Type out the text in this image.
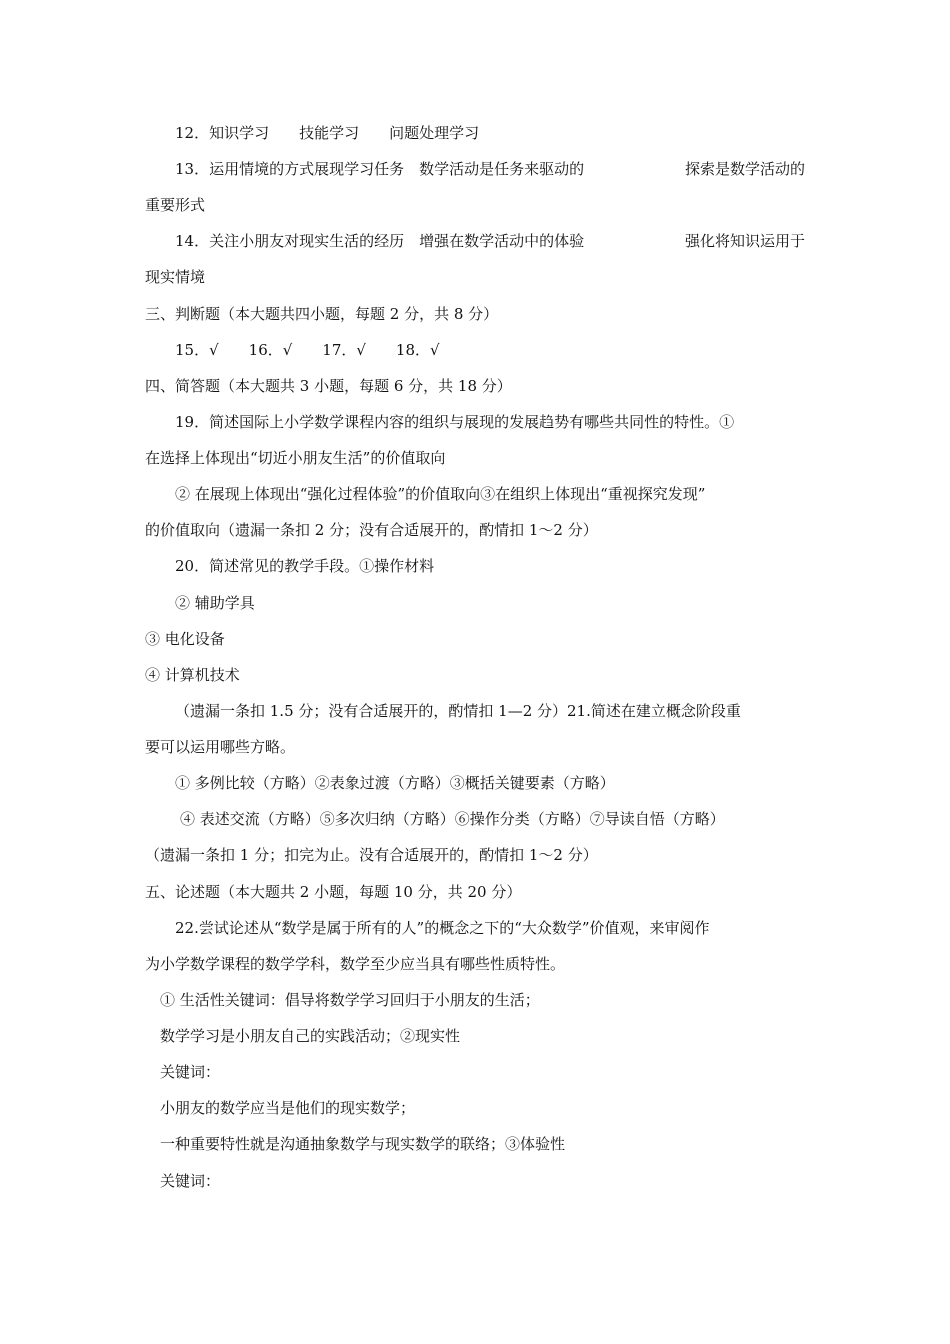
12．知识学习　　技能学习　　问题处理学习
13．运用情境的方式展现学习任务　数学活动是任务来驱动的	探索是数学活动的
重要形式
14．关注小朋友对现实生活的经历　增强在数学活动中的体验	强化将知识运用于
现实情境
三、判断题（本大题共四小题，每题 2 分，共 8 分）
15．√　　16．√　　17．√　　18．√
四、简答题（本大题共 3 小题，每题 6 分，共 18 分）
19．简述国际上小学数学课程内容的组织与展现的发展趋势有哪些共同性的特性。①
在选择上体现出“切近小朋友生活”的价值取向
② 在展现上体现出“强化过程体验”的价值取向③在组织上体现出“重视探究发现”
的价值取向（遗漏一条扣 2 分；没有合适展开的，酌情扣 1～2 分）
20．简述常见的教学手段。①操作材料
② 辅助学具
③ 电化设备
④ 计算机技术
（遗漏一条扣 1.5 分；没有合适展开的，酌情扣 1—2 分）21.简述在建立概念阶段重
要可以运用哪些方略。
① 多例比较（方略）②表象过渡（方略）③概括关键要素（方略）
④ 表述交流（方略）⑤多次归纳（方略）⑥操作分类（方略）⑦导读自悟（方略）
（遗漏一条扣 1 分；扣完为止。没有合适展开的，酌情扣 1～2 分）
五、论述题（本大题共 2 小题，每题 10 分，共 20 分）
22.尝试论述从“数学是属于所有的人”的概念之下的“大众数学”价值观，来审阅作
为小学数学课程的数学学科，数学至少应当具有哪些性质特性。
① 生活性关键词：倡导将数学学习回归于小朋友的生活；
数学学习是小朋友自己的实践活动；②现实性
关键词：
小朋友的数学应当是他们的现实数学；
一种重要特性就是沟通抽象数学与现实数学的联络；③体验性
关键词：
